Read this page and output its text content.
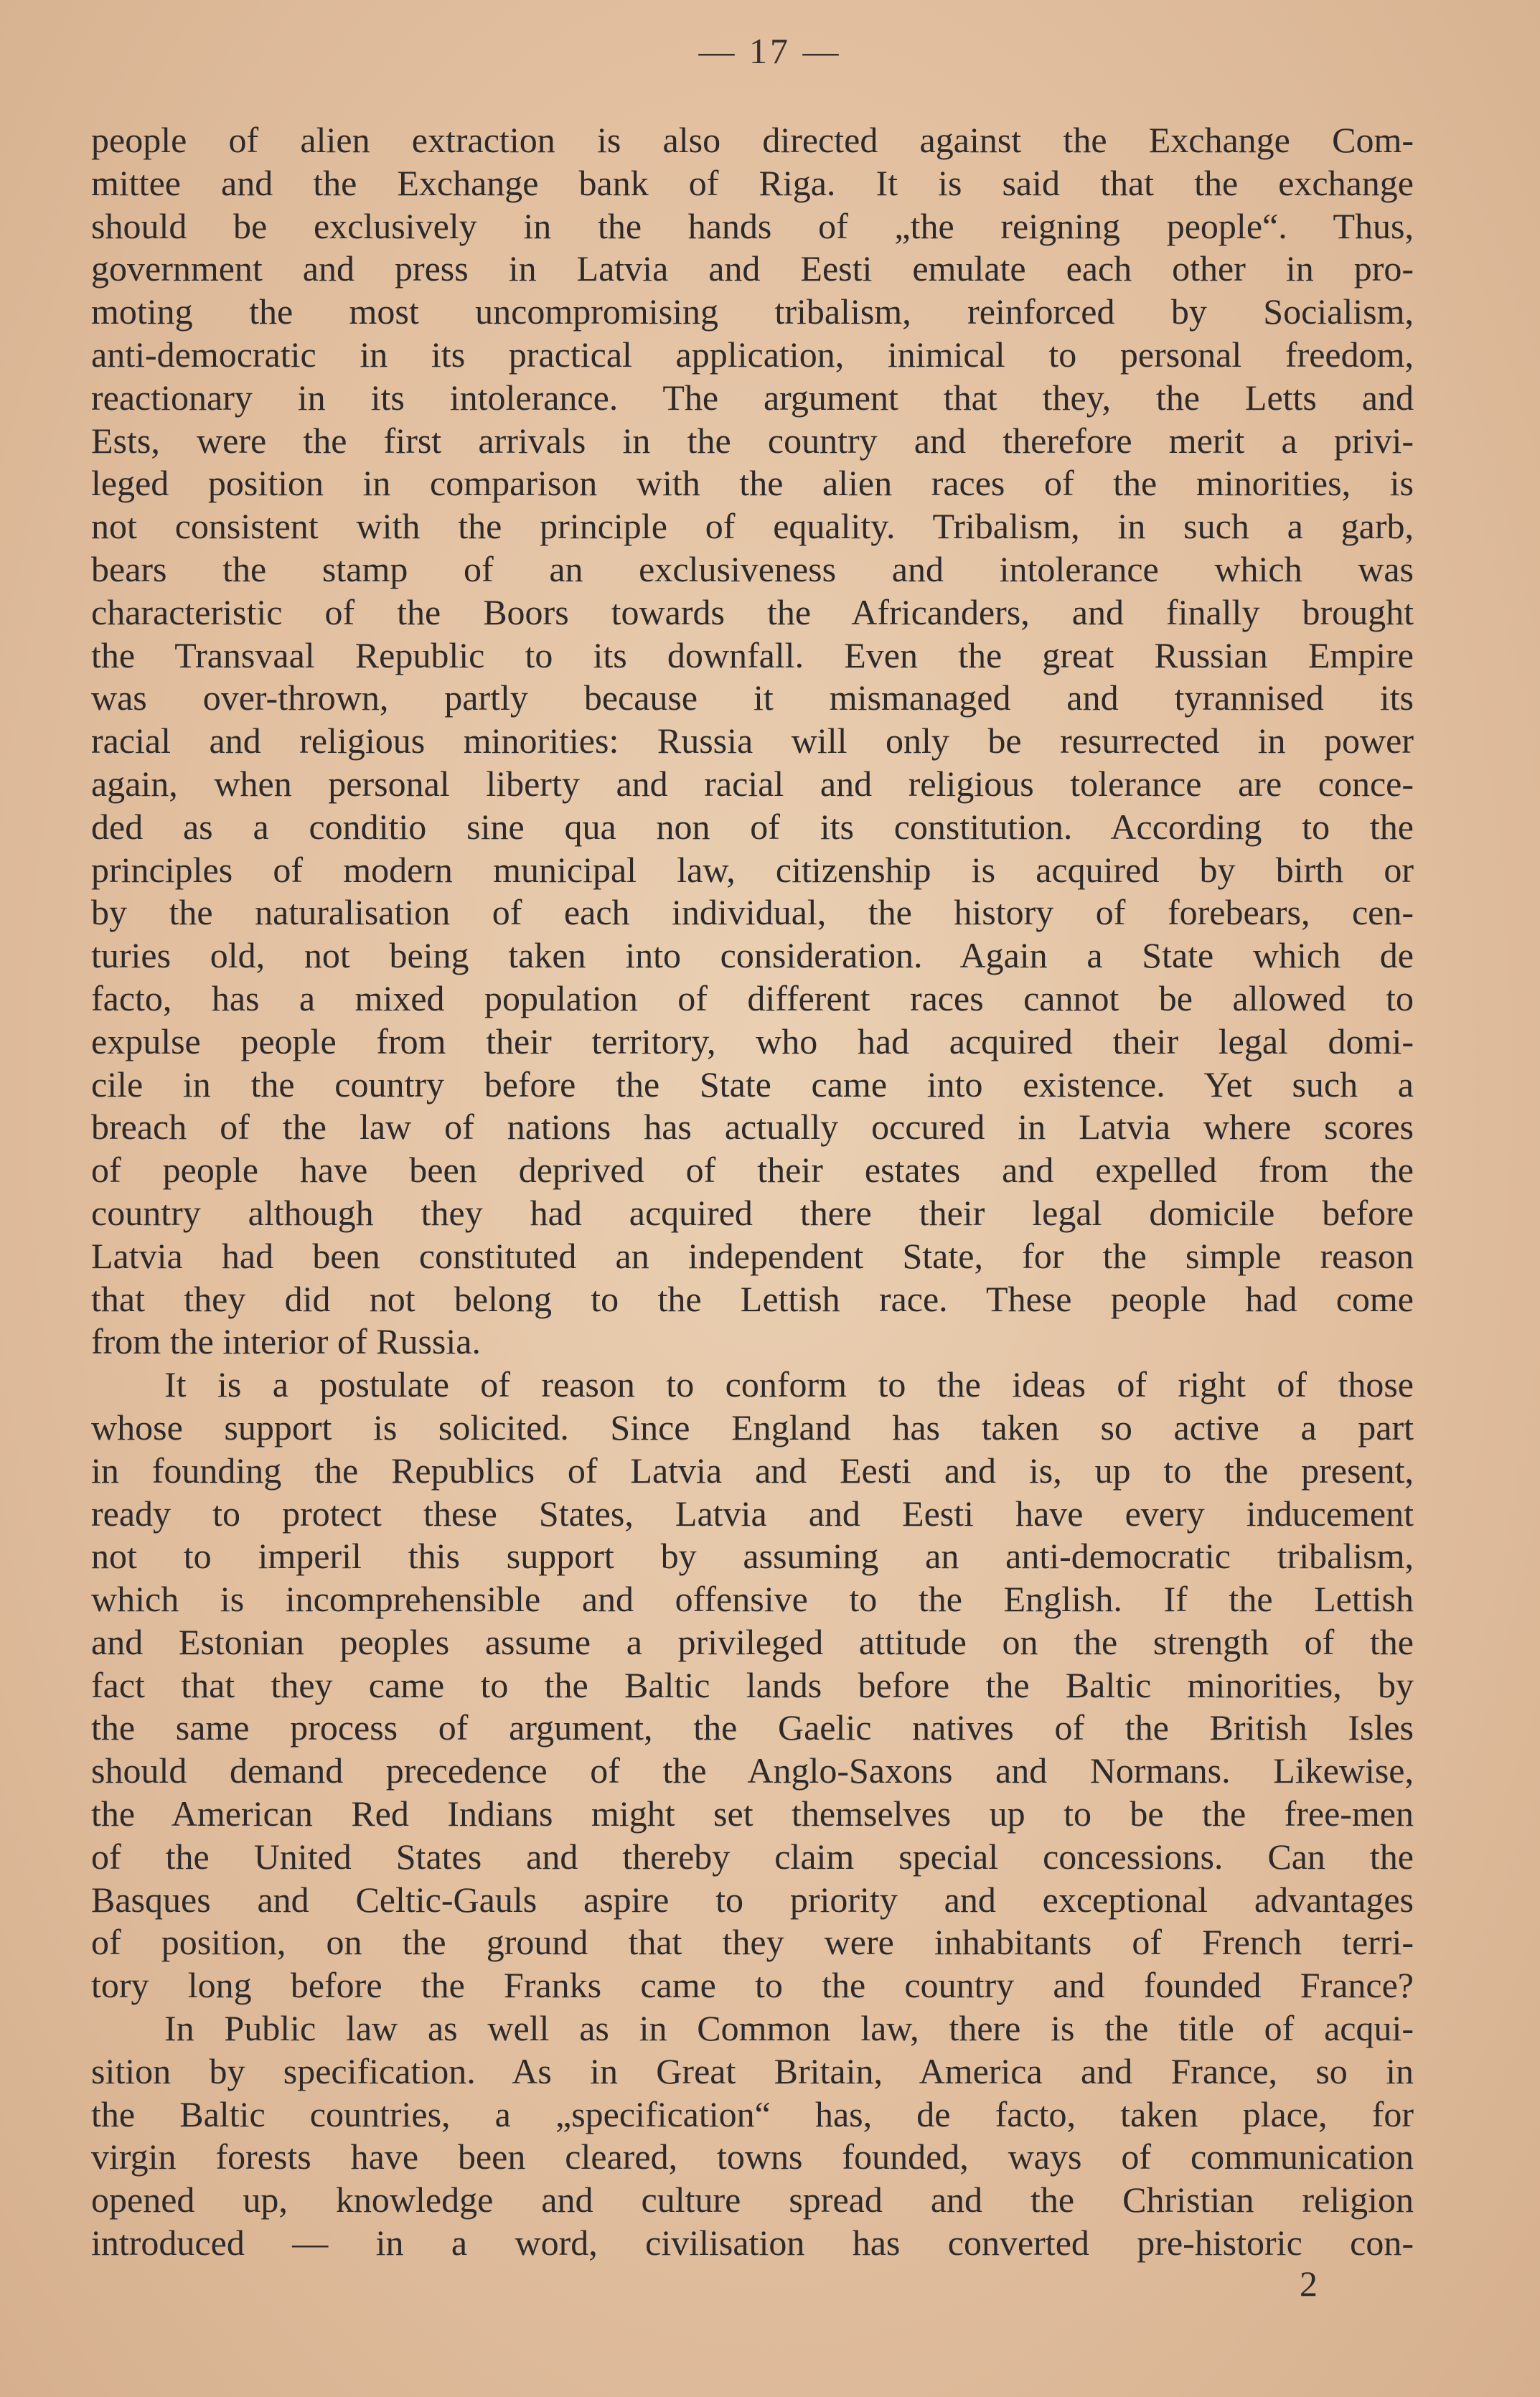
— 17 —
people of alien extraction is also directed against the Exchange Com-
mittee and the Exchange bank of Riga. It is said that the exchange
should be exclusively in the hands of „the reigning people“. Thus,
government and press in Latvia and Eesti emulate each other in pro-
moting the most uncompromising tribalism, reinforced by Socialism,
anti-democratic in its practical application, inimical to personal freedom,
reactionary in its intolerance. The argument that they, the Letts and
Ests, were the first arrivals in the country and therefore merit a privi-
leged position in comparison with the alien races of the minorities, is
not consistent with the principle of equality. Tribalism, in such a garb,
bears the stamp of an exclusiveness and intolerance which was
characteristic of the Boors towards the Africanders, and finally brought
the Transvaal Republic to its downfall. Even the great Russian Empire
was over-thrown, partly because it mismanaged and tyrannised its
racial and religious minorities: Russia will only be resurrected in power
again, when personal liberty and racial and religious tolerance are conce-
ded as a conditio sine qua non of its constitution. According to the
principles of modern municipal law, citizenship is acquired by birth or
by the naturalisation of each individual, the history of forebears, cen-
turies old, not being taken into consideration. Again a State which de
facto, has a mixed population of different races cannot be allowed to
expulse people from their territory, who had acquired their legal domi-
cile in the country before the State came into existence. Yet such a
breach of the law of nations has actually occured in Latvia where scores
of people have been deprived of their estates and expelled from the
country although they had acquired there their legal domicile before
Latvia had been constituted an independent State, for the simple reason
that they did not belong to the Lettish race. These people had come
from the interior of Russia.
It is a postulate of reason to conform to the ideas of right of those
whose support is solicited. Since England has taken so active a part
in founding the Republics of Latvia and Eesti and is, up to the present,
ready to protect these States, Latvia and Eesti have every inducement
not to imperil this support by assuming an anti-democratic tribalism,
which is incomprehensible and offensive to the English. If the Lettish
and Estonian peoples assume a privileged attitude on the strength of the
fact that they came to the Baltic lands before the Baltic minorities, by
the same process of argument, the Gaelic natives of the British Isles
should demand precedence of the Anglo-Saxons and Normans. Likewise,
the American Red Indians might set themselves up to be the free-men
of the United States and thereby claim special concessions. Can the
Basques and Celtic-Gauls aspire to priority and exceptional advantages
of position, on the ground that they were inhabitants of French terri-
tory long before the Franks came to the country and founded France?
In Public law as well as in Common law, there is the title of acqui-
sition by specification. As in Great Britain, America and France, so in
the Baltic countries, a „specification“ has, de facto, taken place, for
virgin forests have been cleared, towns founded, ways of communication
opened up, knowledge and culture spread and the Christian religion
introduced — in a word, civilisation has converted pre-historic con-
2
